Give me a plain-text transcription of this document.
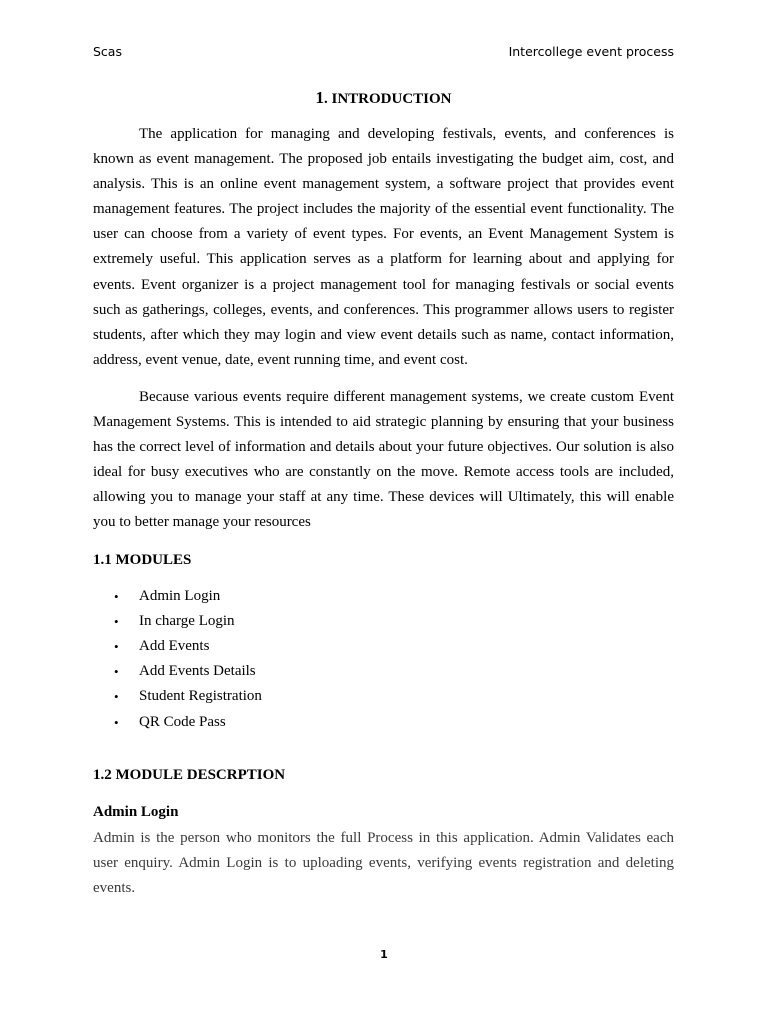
Scas	Intercollege event process
1. INTRODUCTION

The application for managing and developing festivals, events, and conferences is known as event management. The proposed job entails investigating the budget aim, cost, and analysis. This is an online event management system, a software project that provides event management features. The project includes the majority of the essential event functionality. The user can choose from a variety of event types. For events, an Event Management System is extremely useful. This application serves as a platform for learning about and applying for events. Event organizer is a project management tool for managing festivals or social events such as gatherings, colleges, events, and conferences. This programmer allows users to register students, after which they may login and view event details such as name, contact information, address, event venue, date, event running time, and event cost.

Because various events require different management systems, we create custom Event Management Systems. This is intended to aid strategic planning by ensuring that your business has the correct level of information and details about your future objectives. Our solution is also ideal for busy executives who are constantly on the move. Remote access tools are included, allowing you to manage your staff at any time. These devices will Ultimately, this will enable you to better manage your resources

1.1 MODULES
• Admin Login
• In charge Login
• Add Events
• Add Events Details
• Student Registration
• QR Code Pass
1.2 MODULE DESCRPTION
Admin Login

Admin is the person who monitors the full Process in this application. Admin Validates each user enquiry. Admin Login is to uploading events, verifying events registration and deleting events.

1
